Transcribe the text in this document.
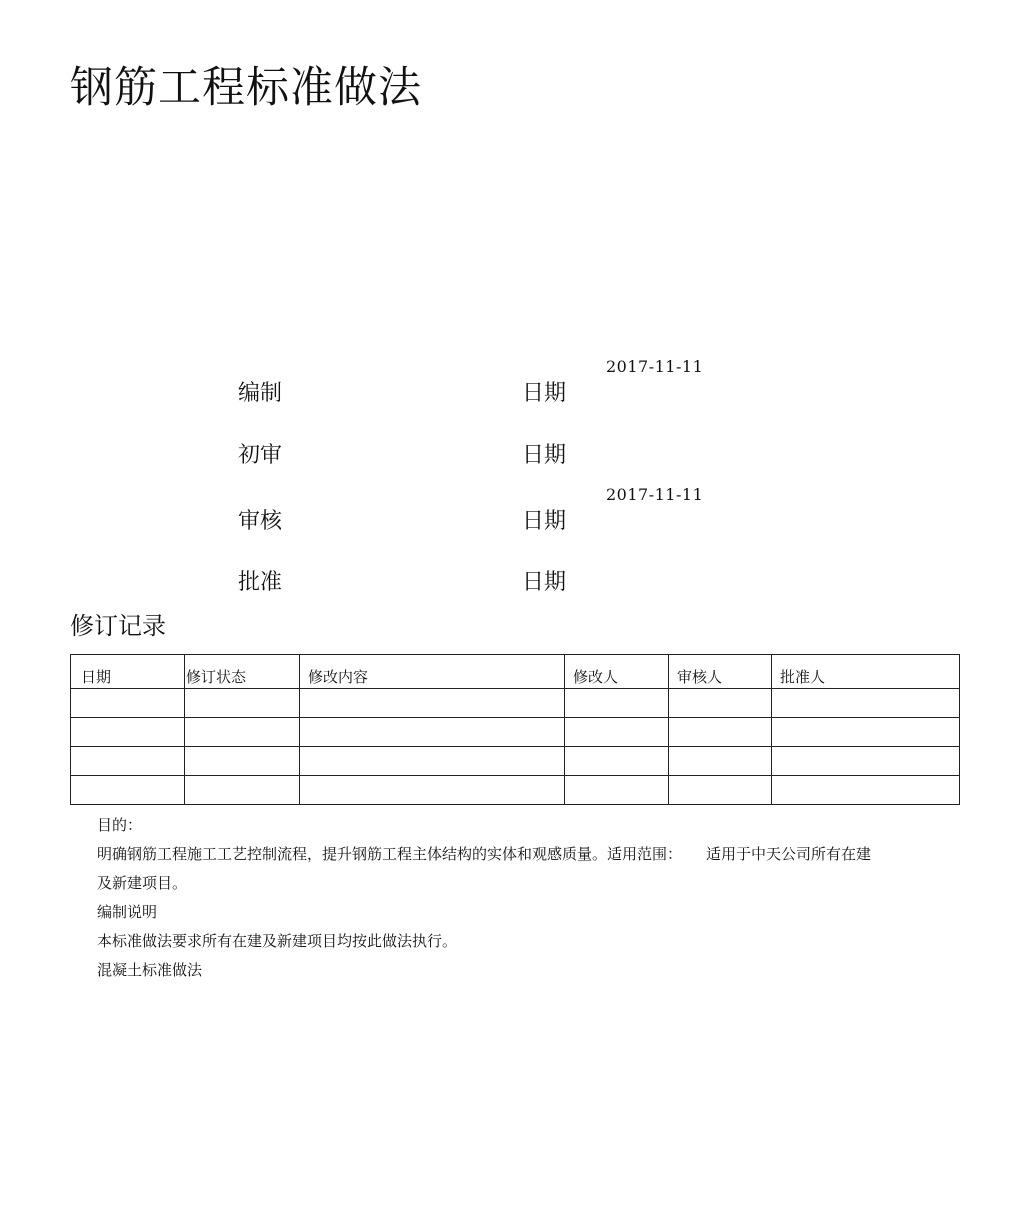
钢筋工程标准做法
2017-11-11
编制	日期
初审	日期
2017-11-11
审核	日期
批准	日期
修订记录
日期	修订状态	修改内容	修改人	审核人	批准人

目的：
明确钢筋工程施工工艺控制流程，提升钢筋工程主体结构的实体和观感质量。适用范围： 适用于中天公司所有在建
及新建项目。
编制说明
本标准做法要求所有在建及新建项目均按此做法执行。
混凝土标准做法
